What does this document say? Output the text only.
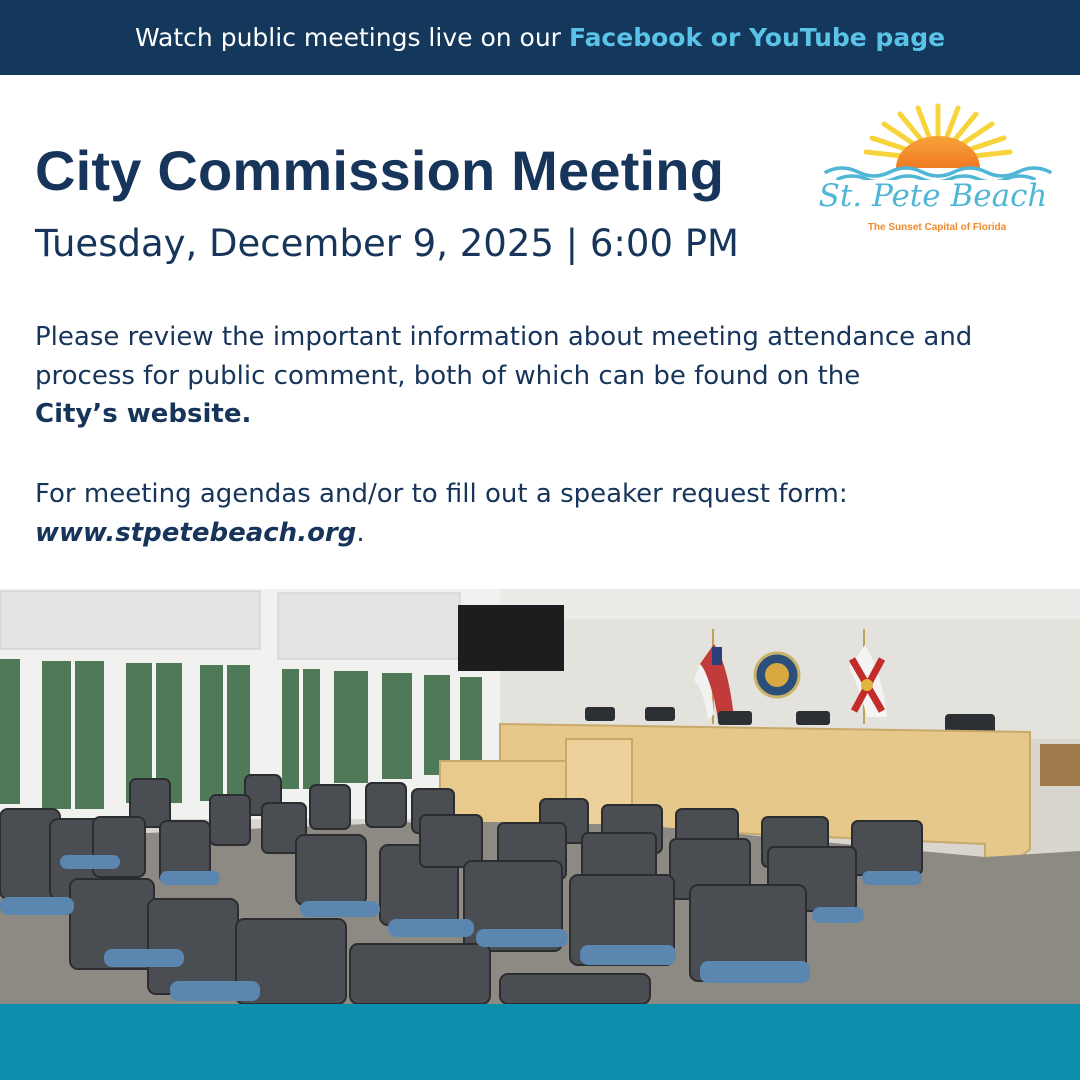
Watch public meetings live on our Facebook or YouTube page
City Commission Meeting
Tuesday, December 9, 2025 | 6:00 PM
St. Pete Beach
The Sunset Capital of Florida

Please review the important information about meeting attendance and process for public comment, both of which can be found on the
City’s website.

For meeting agendas and/or to fill out a speaker request form:
www.stpetebeach.org.
